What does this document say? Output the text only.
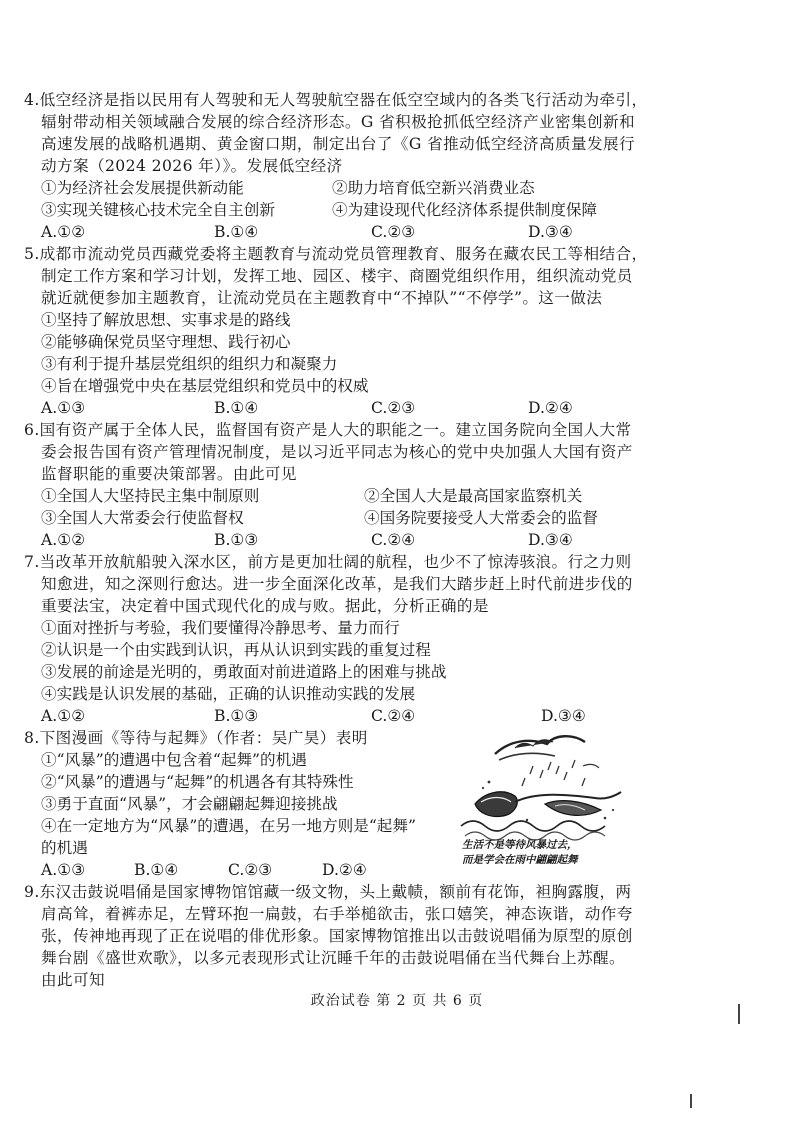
4.低空经济是指以民用有人驾驶和无人驾驶航空器在低空空域内的各类飞行活动为牵引，
辐射带动相关领域融合发展的综合经济形态。G 省积极抢抓低空经济产业密集创新和
高速发展的战略机遇期、黄金窗口期，制定出台了《G 省推动低空经济高质量发展行
动方案（2024 2026 年）》。发展低空经济
①为经济社会发展提供新动能	②助力培育低空新兴消费业态
③实现关键核心技术完全自主创新	④为建设现代化经济体系提供制度保障
A.①②	B.①④	C.②③	D.③④
5.成都市流动党员西藏党委将主题教育与流动党员管理教育、服务在藏农民工等相结合，
制定工作方案和学习计划，发挥工地、园区、楼宇、商圈党组织作用，组织流动党员
就近就便参加主题教育，让流动党员在主题教育中“不掉队”“不停学”。这一做法
①坚持了解放思想、实事求是的路线
②能够确保党员坚守理想、践行初心
③有利于提升基层党组织的组织力和凝聚力
④旨在增强党中央在基层党组织和党员中的权威
A.①③	B.①④	C.②③	D.②④
6.国有资产属于全体人民，监督国有资产是人大的职能之一。建立国务院向全国人大常
委会报告国有资产管理情况制度，是以习近平同志为核心的党中央加强人大国有资产
监督职能的重要决策部署。由此可见
①全国人大坚持民主集中制原则	②全国人大是最高国家监察机关
③全国人大常委会行使监督权	④国务院要接受人大常委会的监督
A.①②	B.①③	C.②④	D.③④
7.当改革开放航船驶入深水区，前方是更加壮阔的航程，也少不了惊涛骇浪。行之力则
知愈进，知之深则行愈达。进一步全面深化改革，是我们大踏步赶上时代前进步伐的
重要法宝，决定着中国式现代化的成与败。据此，分析正确的是
①面对挫折与考验，我们要懂得冷静思考、量力而行
②认识是一个由实践到认识，再从认识到实践的重复过程
③发展的前途是光明的，勇敢面对前进道路上的困难与挑战
④实践是认识发展的基础，正确的认识推动实践的发展
A.①②	B.①③	C.②④	D.③④
8.下图漫画《等待与起舞》（作者：吴广昊）表明
①“风暴”的遭遇中包含着“起舞”的机遇
②“风暴”的遭遇与“起舞”的机遇各有其特殊性
③勇于直面“风暴”，才会翩翩起舞迎接挑战
④在一定地方为“风暴”的遭遇，在另一地方则是“起舞”
的机遇
A.①③	B.①④	C.②③	D.②④
生活不是等待风暴过去，
而是学会在雨中翩翩起舞
9.东汉击鼓说唱俑是国家博物馆馆藏一级文物，头上戴帻，额前有花饰，袒胸露腹，两
肩高耸，着裤赤足，左臂环抱一扁鼓，右手举槌欲击，张口嬉笑，神态诙谐，动作夸
张，传神地再现了正在说唱的俳优形象。国家博物馆推出以击鼓说唱俑为原型的原创
舞台剧《盛世欢歌》，以多元表现形式让沉睡千年的击鼓说唱俑在当代舞台上苏醒。
由此可知
政治试卷 第 2 页 共 6 页
